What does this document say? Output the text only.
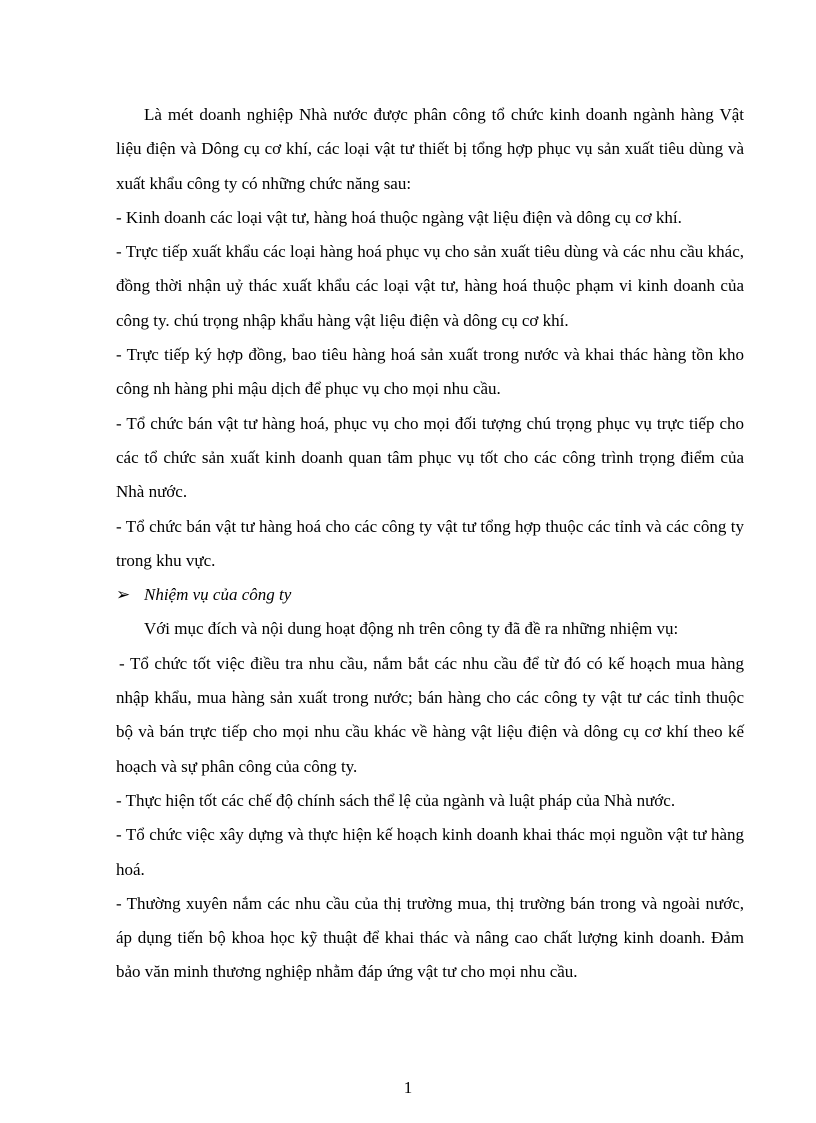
Là mét doanh nghiệp Nhà nước được phân công tổ chức kinh doanh ngành hàng Vật liệu điện và Dông cụ cơ khí, các loại vật tư thiết bị tổng hợp phục vụ sản xuất tiêu dùng và xuất khẩu công ty có những chức năng sau:

- Kinh doanh các loại vật tư, hàng hoá thuộc ngàng vật liệu điện và dông cụ cơ khí.

- Trực tiếp xuất khẩu các loại hàng hoá phục vụ cho sản xuất tiêu dùng và các nhu cầu khác, đồng thời nhận uỷ thác xuất khẩu các loại vật tư, hàng hoá thuộc phạm vi kinh doanh của công ty. chú trọng nhập khẩu hàng vật liệu điện và dông cụ cơ khí.

- Trực tiếp ký hợp đồng, bao tiêu hàng hoá sản xuất trong nước và khai thác hàng tồn kho công nh hàng phi mậu dịch để phục vụ cho mọi nhu cầu.

- Tổ chức bán vật tư hàng hoá, phục vụ cho mọi đối tượng chú trọng phục vụ trực tiếp cho các tổ chức sản xuất kinh doanh quan tâm phục vụ tốt cho các công trình trọng điểm của Nhà nước.

- Tổ chức bán vật tư hàng hoá cho các công ty vật tư tổng hợp thuộc các tỉnh và các công ty trong khu vực.

➢ Nhiệm vụ của công ty

Với mục đích và nội dung hoạt động nh trên công ty đã đề ra những nhiệm vụ:

- Tổ chức tốt việc điều tra nhu cầu, nắm bắt các nhu cầu để từ đó có kế hoạch mua hàng nhập khẩu, mua hàng sản xuất trong nước; bán hàng cho các công ty vật tư các tỉnh thuộc bộ và bán trực tiếp cho mọi nhu cầu khác về hàng vật liệu điện và dông cụ cơ khí theo kế hoạch và sự phân công của công ty.

- Thực hiện tốt các chế độ chính sách thể lệ của ngành và luật pháp của Nhà nước.

- Tổ chức việc xây dựng và thực hiện kế hoạch kinh doanh khai thác mọi nguồn vật tư hàng hoá.

- Thường xuyên nắm các nhu cầu của thị trường mua, thị trường bán trong và ngoài nước, áp dụng tiến bộ khoa học kỹ thuật để khai thác và nâng cao chất lượng kinh doanh. Đảm bảo văn minh thương nghiệp nhằm đáp ứng vật tư cho mọi nhu cầu.

1
